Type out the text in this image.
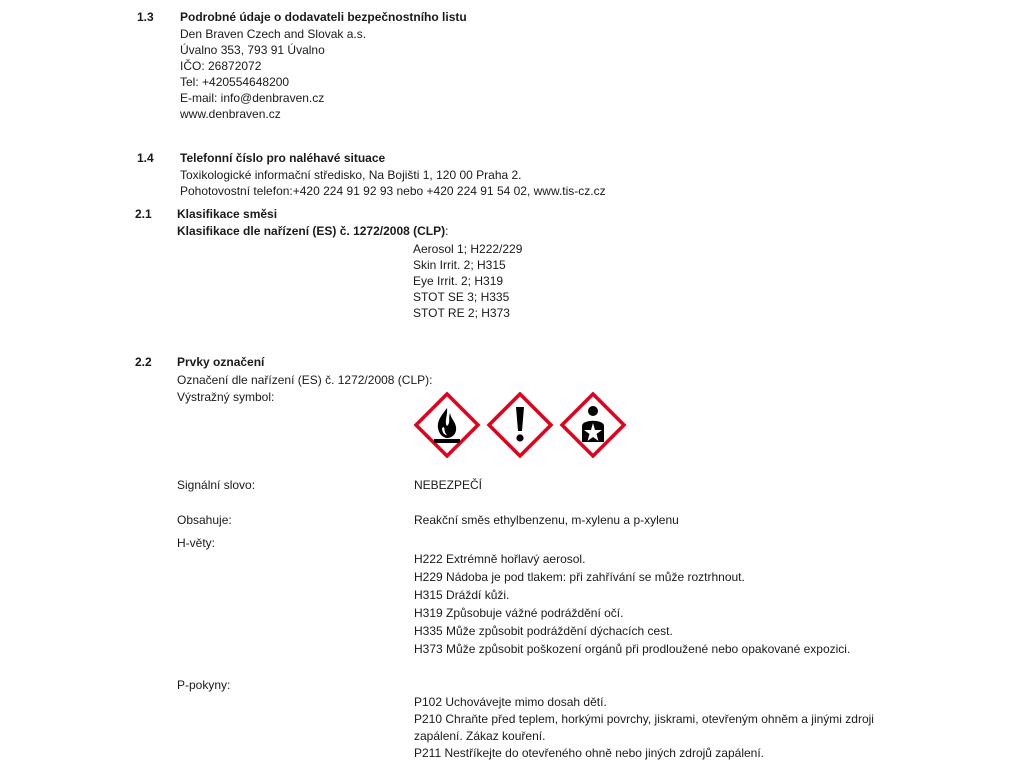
1.3 Podrobné údaje o dodavateli bezpečnostního listu
Den Braven Czech and Slovak a.s.
Úvalno 353, 793 91 Úvalno
IČO: 26872072
Tel: +420554648200
E-mail: info@denbraven.cz
www.denbraven.cz
1.4 Telefonní číslo pro naléhavé situace
Toxikologické informační středisko, Na Bojišti 1, 120 00 Praha 2.
Pohotovostní telefon:+420 224 91 92 93 nebo +420 224 91 54 02, www.tis-cz.cz
2.1 Klasifikace směsi
Klasifikace dle nařízení (ES) č. 1272/2008 (CLP):
Aerosol 1; H222/229
Skin Irrit. 2; H315
Eye Irrit. 2; H319
STOT SE 3; H335
STOT RE 2; H373
2.2 Prvky označení
Označení dle nařízení (ES) č. 1272/2008 (CLP):
Výstražný symbol:
Signální slovo:	NEBEZPEČÍ
Obsahuje:	Reakční směs ethylbenzenu, m-xylenu a p-xylenu
H-věty:
H222 Extrémně hořlavý aerosol.
H229 Nádoba je pod tlakem: při zahřívání se může roztrhnout.
H315 Dráždí kůži.
H319 Způsobuje vážné podráždění očí.
H335 Může způsobit podráždění dýchacích cest.
H373 Může způsobit poškození orgánů při prodloužené nebo opakované expozici.
P-pokyny:
P102 Uchovávejte mimo dosah dětí.
P210 Chraňte před teplem, horkými povrchy, jiskrami, otevřeným ohněm a jinými zdroji
zapálení. Zákaz kouření.
P211 Nestříkejte do otevřeného ohně nebo jiných zdrojů zapálení.
